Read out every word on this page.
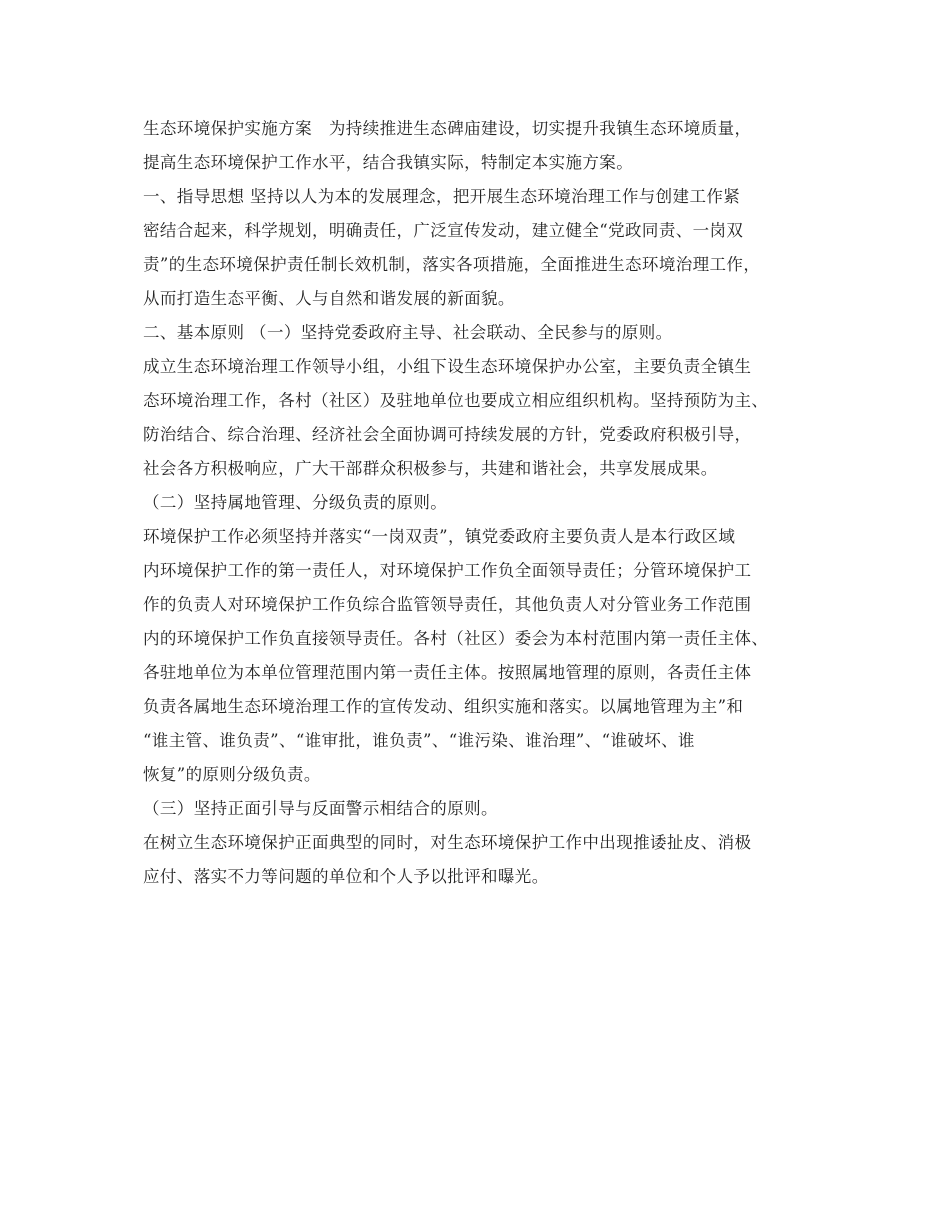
生态环境保护实施方案　为持续推进生态碑庙建设，切实提升我镇生态环境质量，
提高生态环境保护工作水平，结合我镇实际，特制定本实施方案。
一、指导思想 坚持以人为本的发展理念，把开展生态环境治理工作与创建工作紧
密结合起来，科学规划，明确责任，广泛宣传发动，建立健全“党政同责、一岗双
责”的生态环境保护责任制长效机制，落实各项措施，全面推进生态环境治理工作，
从而打造生态平衡、人与自然和谐发展的新面貌。
二、基本原则 （一）坚持党委政府主导、社会联动、全民参与的原则。
成立生态环境治理工作领导小组，小组下设生态环境保护办公室，主要负责全镇生
态环境治理工作，各村（社区）及驻地单位也要成立相应组织机构。坚持预防为主、
防治结合、综合治理、经济社会全面协调可持续发展的方针，党委政府积极引导，
社会各方积极响应，广大干部群众积极参与，共建和谐社会，共享发展成果。
（二）坚持属地管理、分级负责的原则。
环境保护工作必须坚持并落实“一岗双责”，镇党委政府主要负责人是本行政区域
内环境保护工作的第一责任人，对环境保护工作负全面领导责任；分管环境保护工
作的负责人对环境保护工作负综合监管领导责任，其他负责人对分管业务工作范围
内的环境保护工作负直接领导责任。各村（社区）委会为本村范围内第一责任主体、
各驻地单位为本单位管理范围内第一责任主体。按照属地管理的原则，各责任主体
负责各属地生态环境治理工作的宣传发动、组织实施和落实。以属地管理为主”和
“谁主管、谁负责”、“谁审批，谁负责”、“谁污染、谁治理”、“谁破坏、谁
恢复”的原则分级负责。
（三）坚持正面引导与反面警示相结合的原则。
在树立生态环境保护正面典型的同时，对生态环境保护工作中出现推诿扯皮、消极
应付、落实不力等问题的单位和个人予以批评和曝光。
